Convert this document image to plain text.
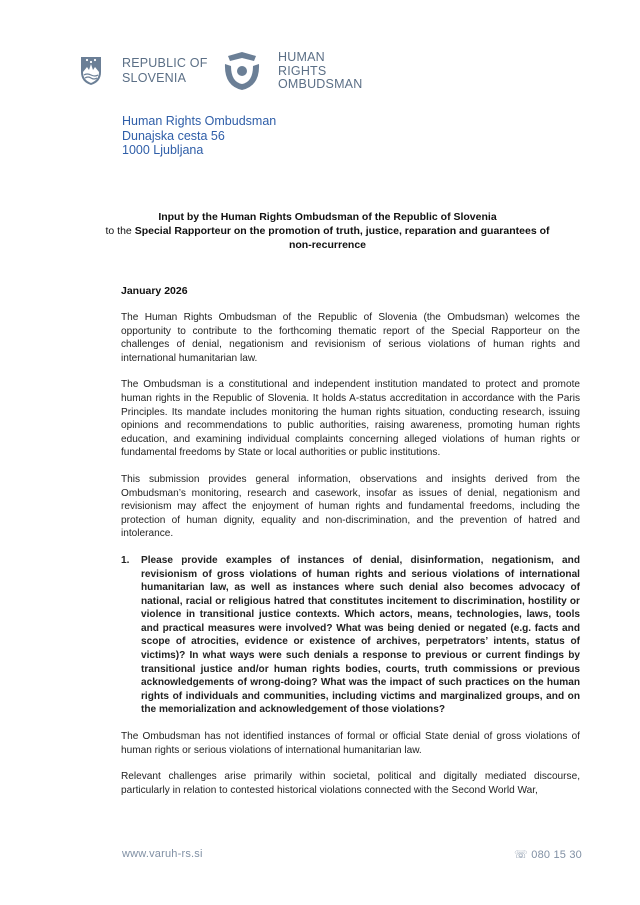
REPUBLIC OF
SLOVENIA
HUMAN
RIGHTS
OMBUDSMAN
Human Rights Ombudsman
Dunajska cesta 56
1000 Ljubljana
Input by the Human Rights Ombudsman of the Republic of Slovenia
to the Special Rapporteur on the promotion of truth, justice, reparation and guarantees of non-recurrence
January 2026

The Human Rights Ombudsman of the Republic of Slovenia (the Ombudsman) welcomes the opportunity to contribute to the forthcoming thematic report of the Special Rapporteur on the challenges of denial, negationism and revisionism of serious violations of human rights and international humanitarian law.

The Ombudsman is a constitutional and independent institution mandated to protect and promote human rights in the Republic of Slovenia. It holds A-status accreditation in accordance with the Paris Principles. Its mandate includes monitoring the human rights situation, conducting research, issuing opinions and recommendations to public authorities, raising awareness, promoting human rights education, and examining individual complaints concerning alleged violations of human rights or fundamental freedoms by State or local authorities or public institutions.

This submission provides general information, observations and insights derived from the Ombudsman’s monitoring, research and casework, insofar as issues of denial, negationism and revisionism may affect the enjoyment of human rights and fundamental freedoms, including the protection of human dignity, equality and non-discrimination, and the prevention of hatred and intolerance.

1.	Please provide examples of instances of denial, disinformation, negationism, and revisionism of gross violations of human rights and serious violations of international humanitarian law, as well as instances where such denial also becomes advocacy of national, racial or religious hatred that constitutes incitement to discrimination, hostility or violence in transitional justice contexts. Which actors, means, technologies, laws, tools and practical measures were involved? What was being denied or negated (e.g. facts and scope of atrocities, evidence or existence of archives, perpetrators’ intents, status of victims)? In what ways were such denials a response to previous or current findings by transitional justice and/or human rights bodies, courts, truth commissions or previous acknowledgements of wrong-doing? What was the impact of such practices on the human rights of individuals and communities, including victims and marginalized groups, and on the memorialization and acknowledgement of those violations?

The Ombudsman has not identified instances of formal or official State denial of gross violations of human rights or serious violations of international humanitarian law.

Relevant challenges arise primarily within societal, political and digitally mediated discourse, particularly in relation to contested historical violations connected with the Second World War,

www.varuh-rs.si	☏ 080 15 30
